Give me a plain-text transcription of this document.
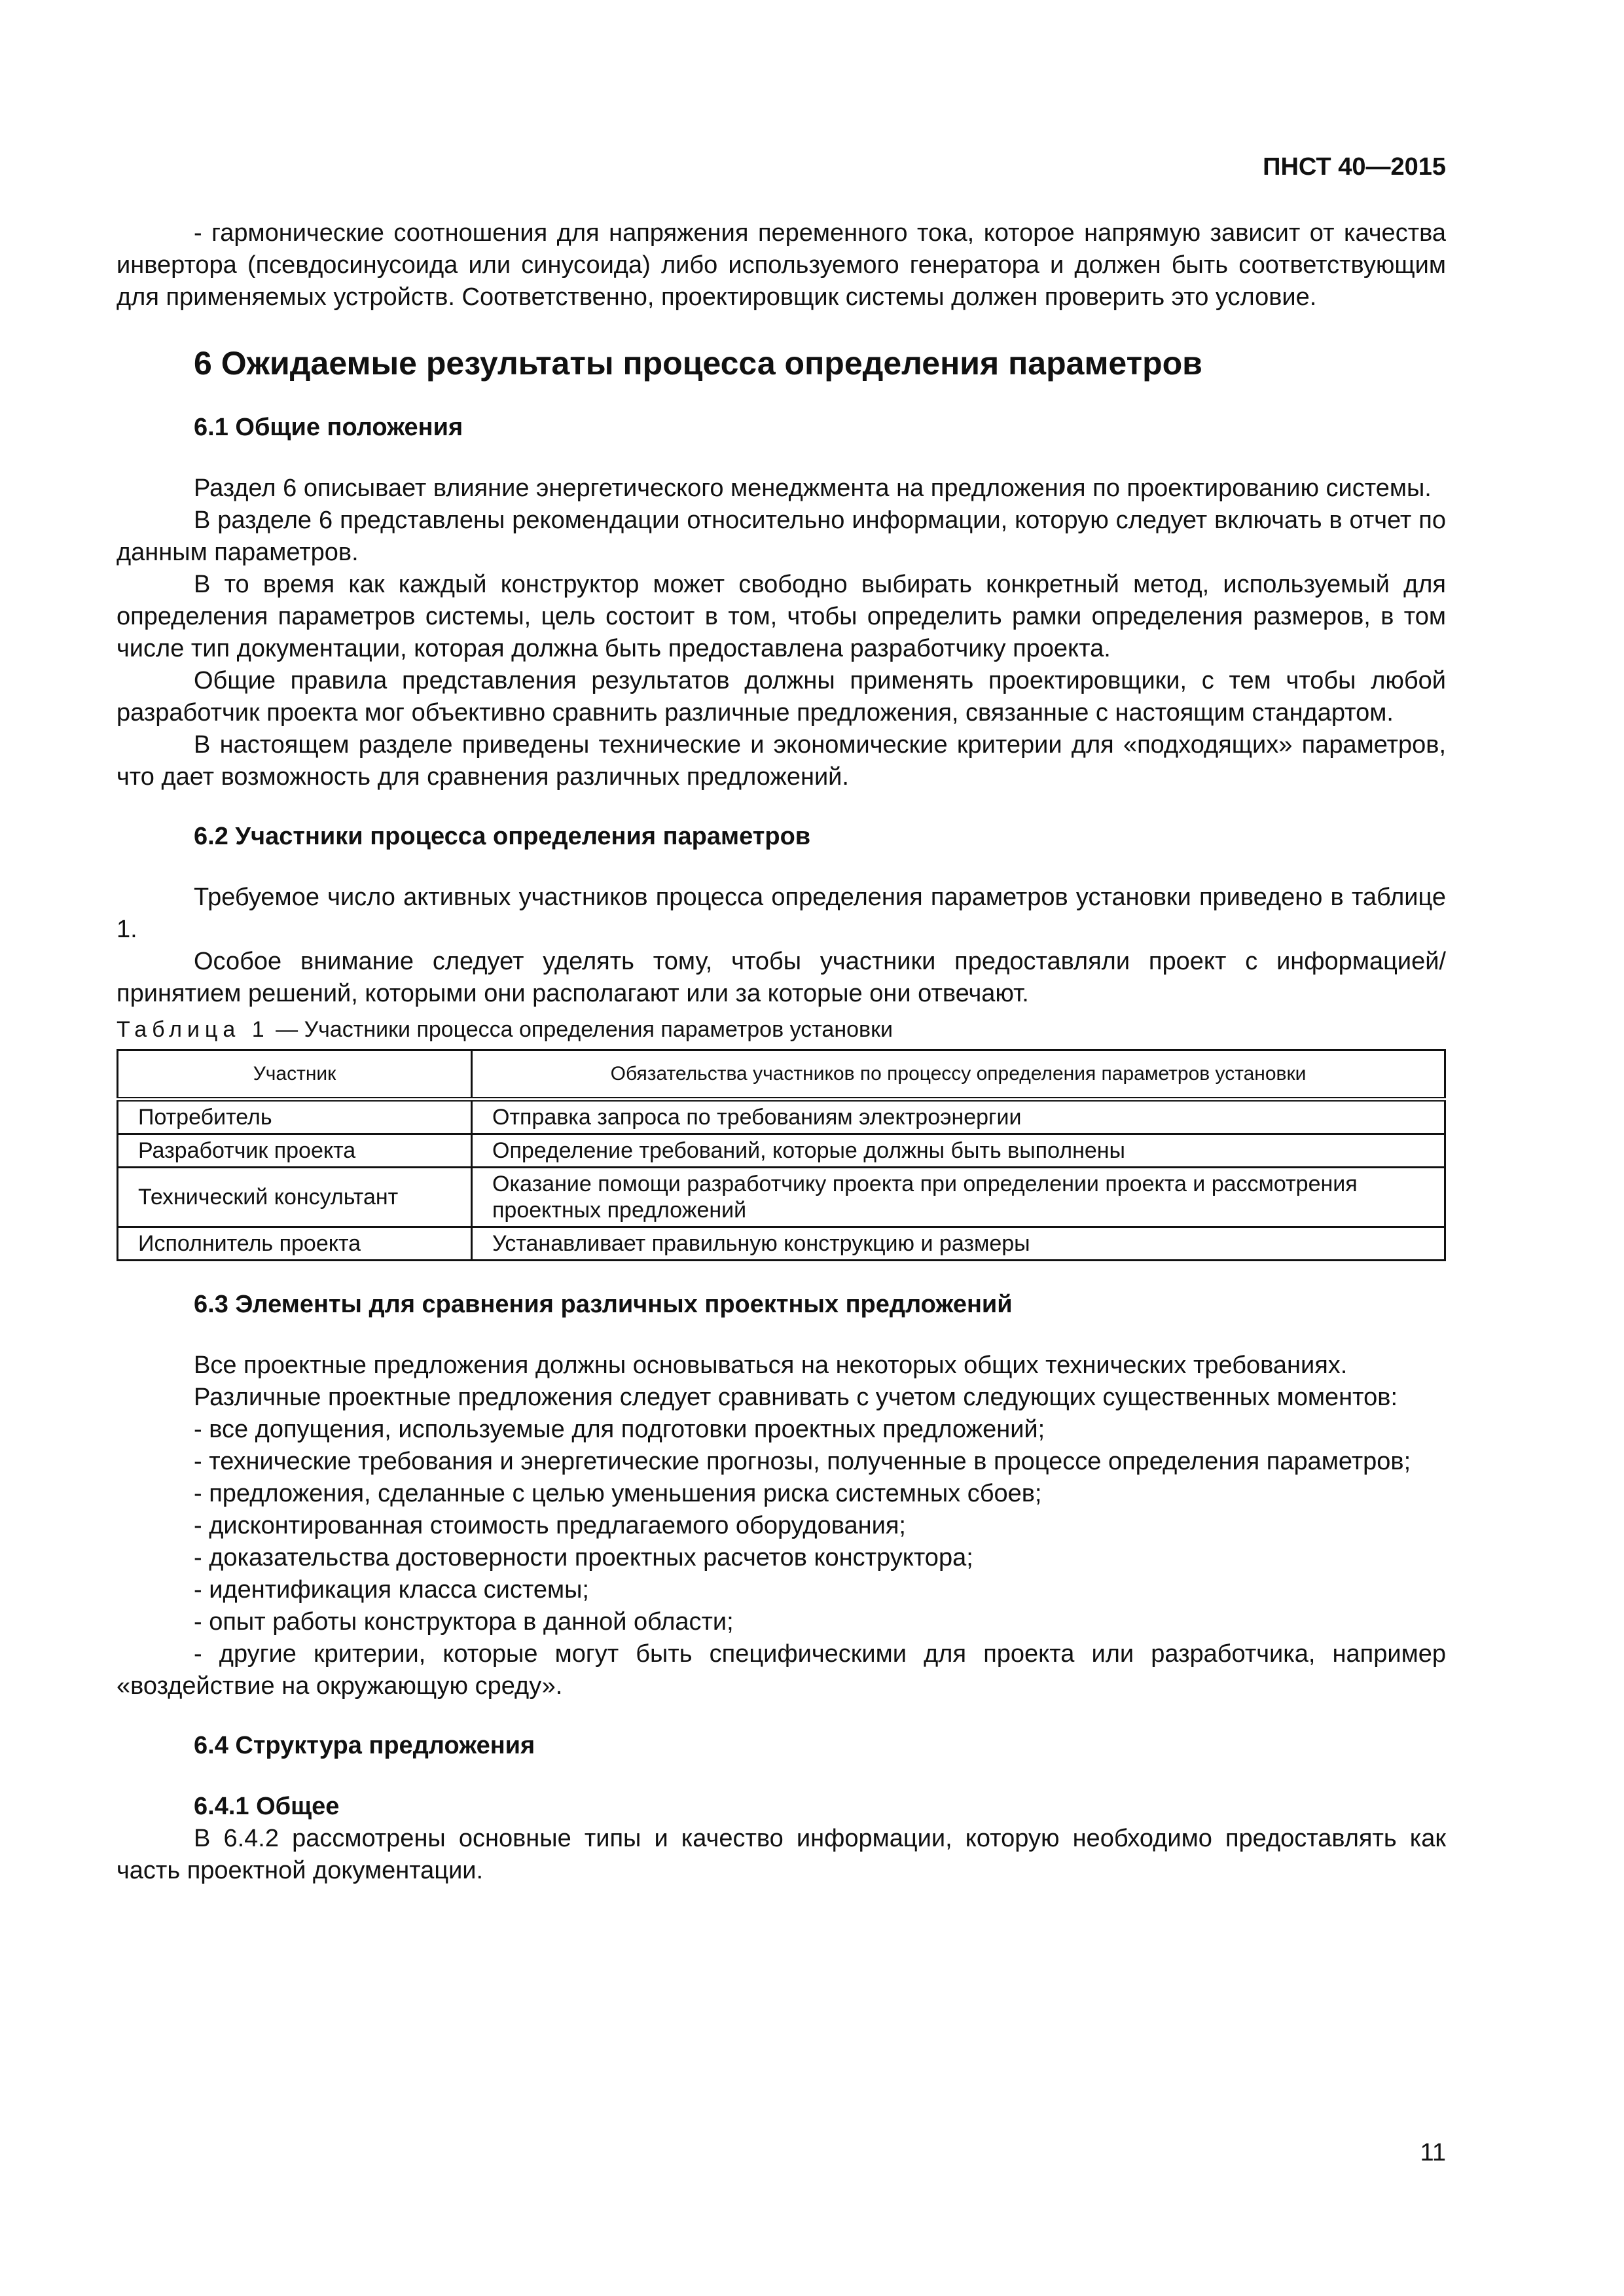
ПНСТ 40—2015

- гармонические соотношения для напряжения переменного тока, которое напрямую зависит от качества инвертора (псевдосинусоида или синусоида) либо используемого генератора и должен быть соответствующим для применяемых устройств. Соответственно, проектировщик системы должен проверить это условие.

6 Ожидаемые результаты процесса определения параметров
6.1 Общие положения

Раздел 6 описывает влияние энергетического менеджмента на предложения по проектированию системы.

В разделе 6 представлены рекомендации относительно информации, которую следует включать в отчет по данным параметров.

В то время как каждый конструктор может свободно выбирать конкретный метод, используемый для определения параметров системы, цель состоит в том, чтобы определить рамки определения размеров, в том числе тип документации, которая должна быть предоставлена разработчику проекта.

Общие правила представления результатов должны применять проектировщики, с тем чтобы любой разработчик проекта мог объективно сравнить различные предложения, связанные с настоящим стандартом.

В настоящем разделе приведены технические и экономические критерии для «подходящих» параметров, что дает возможность для сравнения различных предложений.

6.2 Участники процесса определения параметров

Требуемое число активных участников процесса определения параметров установки приведено в таблице 1.

Особое внимание следует уделять тому, чтобы участники предоставляли проект с информацией/принятием решений, которыми они располагают или за которые они отвечают.

Таблица 1 — Участники процесса определения параметров установки
Участник	Обязательства участников по процессу определения параметров установки
Потребитель	Отправка запроса по требованиям электроэнергии
Разработчик проекта	Определение требований, которые должны быть выполнены
Технический консультант	Оказание помощи разработчику проекта при определении проекта и рассмотрения проектных предложений
Исполнитель проекта	Устанавливает правильную конструкцию и размеры
6.3 Элементы для сравнения различных проектных предложений

Все проектные предложения должны основываться на некоторых общих технических требованиях.

Различные проектные предложения следует сравнивать с учетом следующих существенных моментов:

- все допущения, используемые для подготовки проектных предложений;

- технические требования и энергетические прогнозы, полученные в процессе определения параметров;

- предложения, сделанные с целью уменьшения риска системных сбоев;

- дисконтированная стоимость предлагаемого оборудования;

- доказательства достоверности проектных расчетов конструктора;

- идентификация класса системы;

- опыт работы конструктора в данной области;

- другие критерии, которые могут быть специфическими для проекта или разработчика, например «воздействие на окружающую среду».

6.4 Структура предложения
6.4.1 Общее

В 6.4.2 рассмотрены основные типы и качество информации, которую необходимо предоставлять как часть проектной документации.

11
